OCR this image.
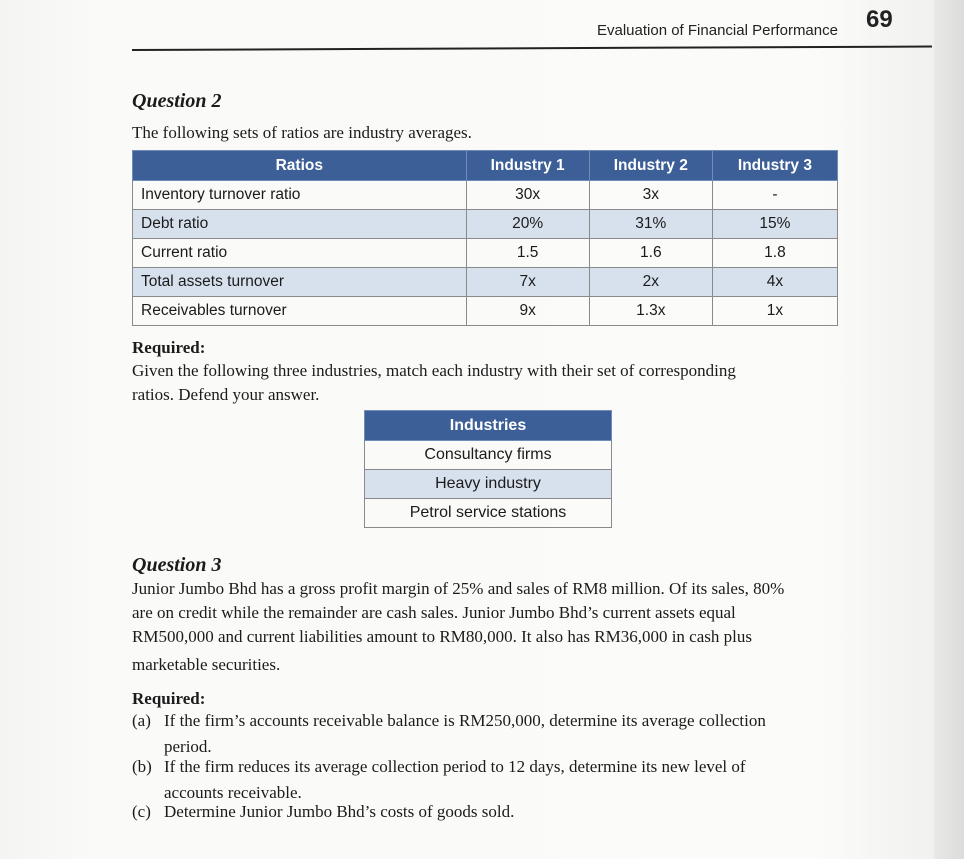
Evaluation of Financial Performance 69
Question 2
The following sets of ratios are industry averages.
Ratios	Industry 1	Industry 2	Industry 3
Inventory turnover ratio	30x	3x	-
Debt ratio	20%	31%	15%
Current ratio	1.5	1.6	1.8
Total assets turnover	7x	2x	4x
Receivables turnover	9x	1.3x	1x
Required:
Given the following three industries, match each industry with their set of corresponding
ratios. Defend your answer.
Industries
Consultancy firms
Heavy industry
Petrol service stations
Question 3
Junior Jumbo Bhd has a gross profit margin of 25% and sales of RM8 million. Of its sales, 80%
are on credit while the remainder are cash sales. Junior Jumbo Bhd’s current assets equal
RM500,000 and current liabilities amount to RM80,000. It also has RM36,000 in cash plus
marketable securities.
Required:
(a) If the firm’s accounts receivable balance is RM250,000, determine its average collection
period.
(b) If the firm reduces its average collection period to 12 days, determine its new level of
accounts receivable.
(c) Determine Junior Jumbo Bhd’s costs of goods sold.
